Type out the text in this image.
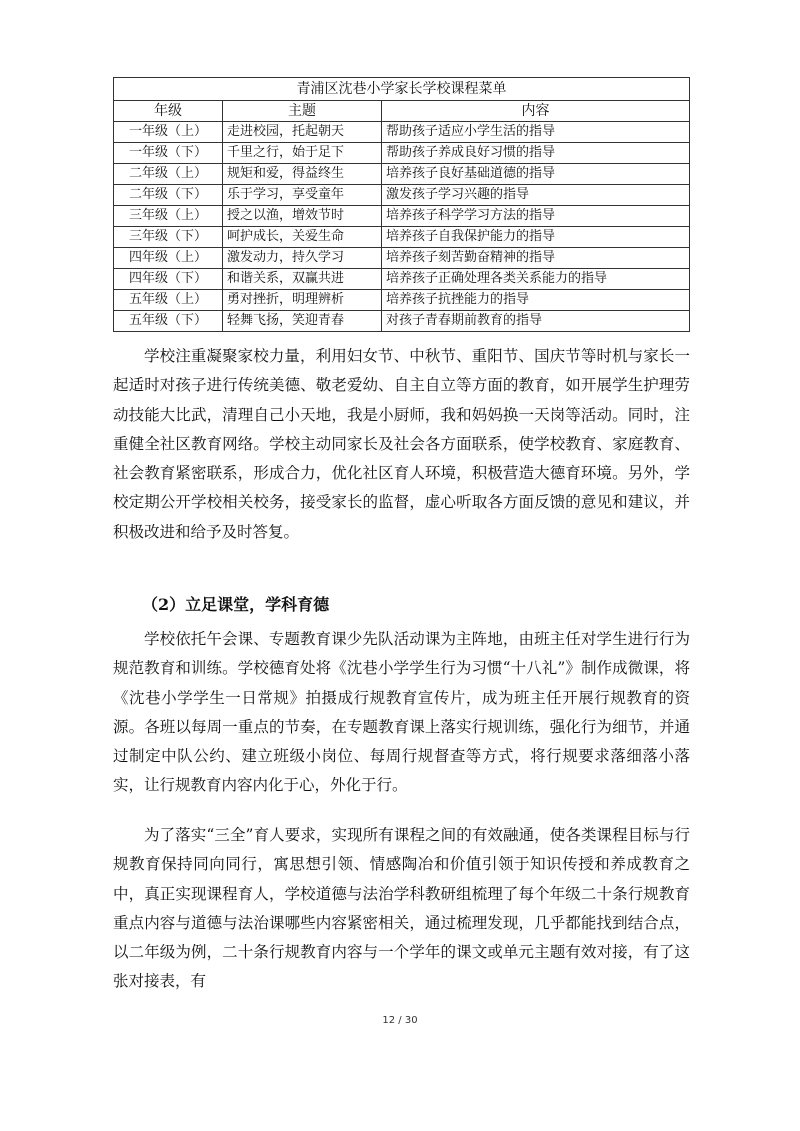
青浦区沈巷小学家长学校课程菜单		
年级	主题	内容
一年级（上）	走进校园，托起朝天	帮助孩子适应小学生活的指导
一年级（下）	千里之行，始于足下	帮助孩子养成良好习惯的指导
二年级（上）	规矩和爱，得益终生	培养孩子良好基础道德的指导
二年级（下）	乐于学习，享受童年	激发孩子学习兴趣的指导
三年级（上）	授之以渔，增效节时	培养孩子科学学习方法的指导
三年级（下）	呵护成长，关爱生命	培养孩子自我保护能力的指导
四年级（上）	激发动力，持久学习	培养孩子刻苦勤奋精神的指导
四年级（下）	和谐关系，双赢共进	培养孩子正确处理各类关系能力的指导
五年级（上）	勇对挫折，明理辨析	培养孩子抗挫能力的指导
五年级（下）	轻舞飞扬，笑迎青春	对孩子青春期前教育的指导

学校注重凝聚家校力量，利用妇女节、中秋节、重阳节、国庆节等时机与家长一起适时对孩子进行传统美德、敬老爱幼、自主自立等方面的教育，如开展学生护理劳动技能大比武，清理自己小天地，我是小厨师，我和妈妈换一天岗等活动。同时，注重健全社区教育网络。学校主动同家长及社会各方面联系，使学校教育、家庭教育、社会教育紧密联系，形成合力，优化社区育人环境，积极营造大德育环境。另外，学校定期公开学校相关校务，接受家长的监督，虚心听取各方面反馈的意见和建议，并积极改进和给予及时答复。

（2）立足课堂，学科育德

学校依托午会课、专题教育课少先队活动课为主阵地，由班主任对学生进行行为规范教育和训练。学校德育处将《沈巷小学学生行为习惯“十八礼”》制作成微课，将《沈巷小学学生一日常规》拍摄成行规教育宣传片，成为班主任开展行规教育的资源。各班以每周一重点的节奏，在专题教育课上落实行规训练，强化行为细节，并通过制定中队公约、建立班级小岗位、每周行规督查等方式，将行规要求落细落小落实，让行规教育内容内化于心，外化于行。

为了落实“三全”育人要求，实现所有课程之间的有效融通，使各类课程目标与行规教育保持同向同行，寓思想引领、情感陶冶和价值引领于知识传授和养成教育之中，真正实现课程育人，学校道德与法治学科教研组梳理了每个年级二十条行规教育重点内容与道德与法治课哪些内容紧密相关，通过梳理发现，几乎都能找到结合点，以二年级为例，二十条行规教育内容与一个学年的课文或单元主题有效对接，有了这张对接表，有

12 / 30
